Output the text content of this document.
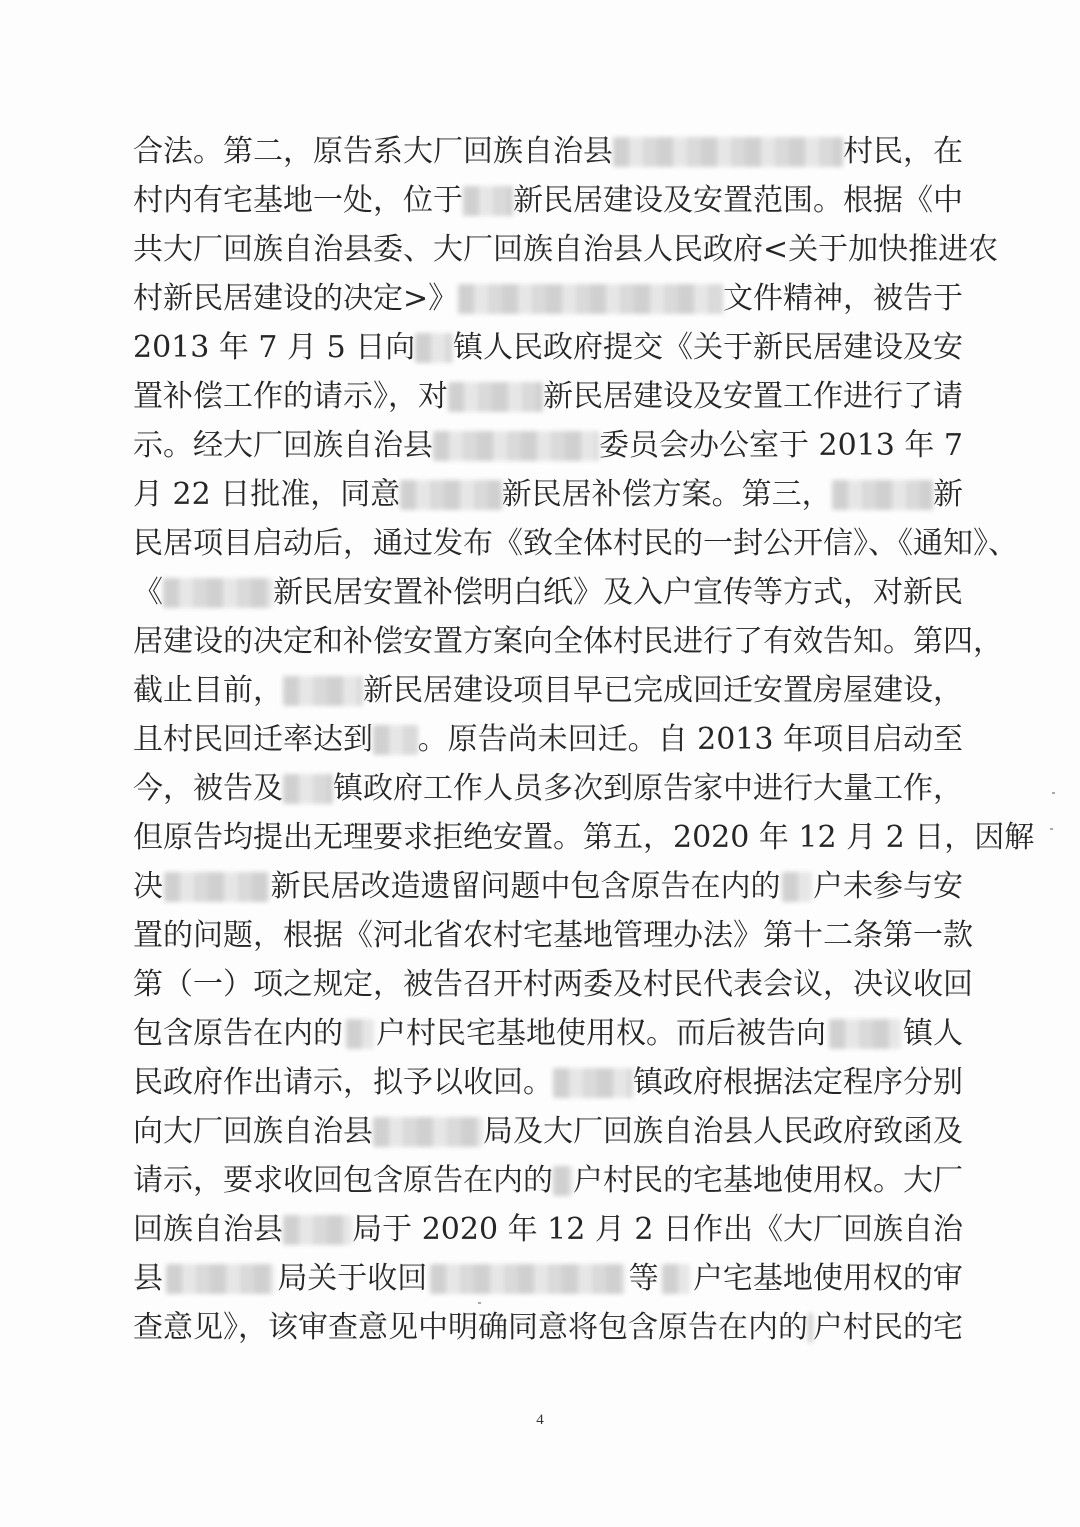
合法。第二，原告系大厂回族自治县	村民，在
村内有宅基地一处，位于 新民居建设及安置范围。根据《中
共大厂回族自治县委、大厂回族自治县人民政府<关于加快推进农
村新民居建设的决定>》	文件精神，被告于
2013 年 7 月 5 日向 镇人民政府提交《关于新民居建设及安
置补偿工作的请示》，对	新民居建设及安置工作进行了请
示。经大厂回族自治县	委员会办公室于 2013 年 7
月 22 日批准，同意	新民居补偿方案。第三，	新
民居项目启动后，通过发布《致全体村民的一封公开信》、《通知》、
《	新民居安置补偿明白纸》及入户宣传等方式，对新民
居建设的决定和补偿安置方案向全体村民进行了有效告知。第四，
截止目前，	新民居建设项目早已完成回迁安置房屋建设，
且村民回迁率达到 。原告尚未回迁。自 2013 年项目启动至
今，被告及 镇政府工作人员多次到原告家中进行大量工作，
但原告均提出无理要求拒绝安置。第五，2020 年 12 月 2 日，因解
决	新民居改造遗留问题中包含原告在内的 户未参与安
置的问题，根据《河北省农村宅基地管理办法》第十二条第一款
第（一）项之规定，被告召开村两委及村民代表会议，决议收回
包含原告在内的 户村民宅基地使用权。而后被告向	镇人
民政府作出请示，拟予以收回。	镇政府根据法定程序分别
向大厂回族自治县	局及大厂回族自治县人民政府致函及
请示，要求收回包含原告在内的 户村民的宅基地使用权。大厂
回族自治县 局于 2020 年 12 月 2 日作出《大厂回族自治
县	局关于收回	等 户宅基地使用权的审
查意见》，该审查意见中明确同意将包含原告在内的 户村民的宅
4
